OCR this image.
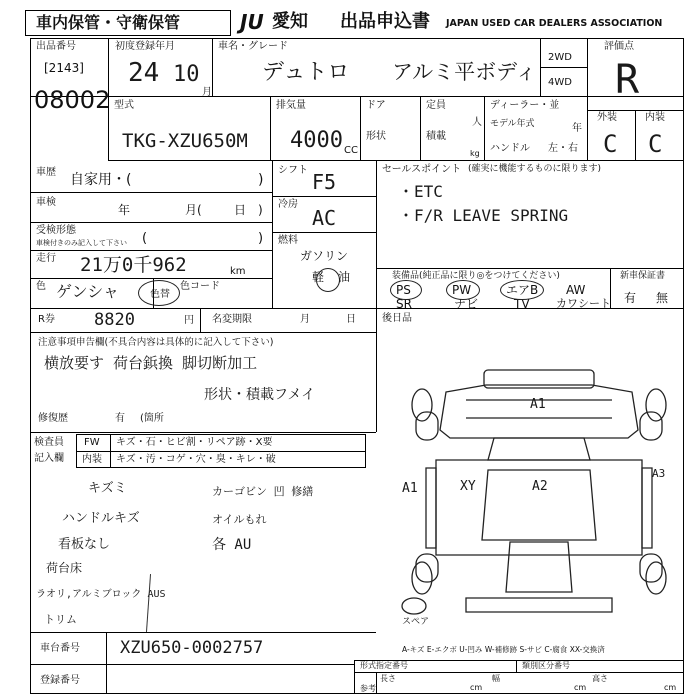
車内保管・守衛保管	JU 愛知 出品申込書 JAPAN USED CAR DEALERS ASSOCIATION
出品番号
[2143]
08002
初度登録年月
24 10
月
車名・グレード
デュトロ アルミ平ボディ
2WD
4WD
評価点
R
外装	内装
C C
型式
TKG-XZU650M
排気量
4000 CC
ドア
形状
定員
人
積載
kg
ディーラー・並
モデル年式	年
ハンドル 左・右
車歴 自家用・(	)
車検
年	月(	日 )
受検形態
車検付きのみ記入して下さい (	)
走行 21万0千962	km
色 ゲンシャ	色替
色コード
シフト F5
冷房
AC
燃料
ガソリン
軽 油
セールスポイント (確実に機能するものに限ります)
・ETC
・F/R LEAVE SPRING
装備品(純正品に限り◎をつけてください)
PS	PW	エアB AW
SR	ナビ	TV カワシート
新車保証書
有 無
R券 8820	円 名変期限	月	日	後日品
注意事項申告欄(不具合内容は具体的に記入して下さい)
横放要す 荷台鋲換 脚切断加工
形状・積載フメイ
修復歴	有 (箇所
検査員
記入欄
FW キズ・石・ヒビ割・リペア跡・X要
内装 キズ・汚・コゲ・穴・臭・キレ・破
キズミ
ハンドルキズ
看板なし
荷台床
ラオリ,アルミブロック AUS
トリム
カーゴビン 凹 修繕
オイルもれ
各 AU
A1
A1	XY	A2
A3
スペア
A-キズ E-エクボ U-凹み W-補修跡 S-サビ C-腐食 XX-交換済
車台番号 XZU650-0002757
登録番号
形式指定番号	類別区分番号
参考
長さ
cm
幅
cm
高さ
cm
